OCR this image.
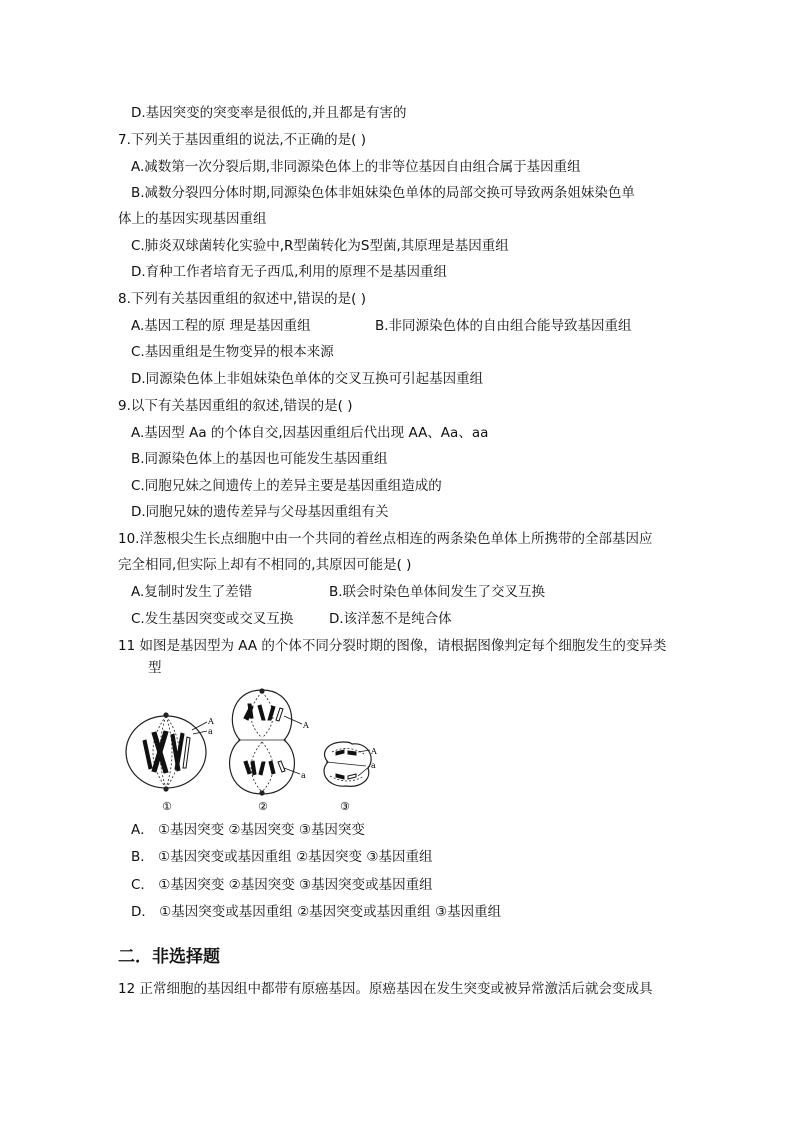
D.基因突变的突变率是很低的,并且都是有害的
7.下列关于基因重组的说法,不正确的是( )
A.减数第一次分裂后期,非同源染色体上的非等位基因自由组合属于基因重组
B.减数分裂四分体时期,同源染色体非姐妹染色单体的局部交换可导致两条姐妹染色单
体上的基因实现基因重组
C.肺炎双球菌转化实验中,R型菌转化为S型菌,其原理是基因重组
D.育种工作者培育无子西瓜,利用的原理不是基因重组
8.下列有关基因重组的叙述中,错误的是( )
A.基因工程的原 理是基因重组	B.非同源染色体的自由组合能导致基因重组
C.基因重组是生物变异的根本来源
D.同源染色体上非姐妹染色单体的交叉互换可引起基因重组
9.以下有关基因重组的叙述,错误的是( )
A.基因型 Aa 的个体自交,因基因重组后代出现 AA、Aa、aa
B.同源染色体上的基因也可能发生基因重组
C.同胞兄妹之间遗传上的差异主要是基因重组造成的
D.同胞兄妹的遗传差异与父母基因重组有关
10.洋葱根尖生长点细胞中由一个共同的着丝点相连的两条染色单体上所携带的全部基因应
完全相同,但实际上却有不相同的,其原因可能是( )
A.复制时发生了差错	B.联会时染色单体间发生了交叉互换
C.发生基因突变或交叉互换	D.该洋葱不是纯合体
11 如图是基因型为 AA 的个体不同分裂时期的图像，请根据图像判定每个细胞发生的变异类
型
A
a
①
A
a
②
A
a
③
A． ①基因突变 ②基因突变 ③基因突变
B． ①基因突变或基因重组 ②基因突变 ③基因重组
C． ①基因突变 ②基因突变 ③基因突变或基因重组
D． ①基因突变或基因重组 ②基因突变或基因重组 ③基因重组
二．非选择题
12 正常细胞的基因组中都带有原癌基因。原癌基因在发生突变或被异常激活后就会变成具
